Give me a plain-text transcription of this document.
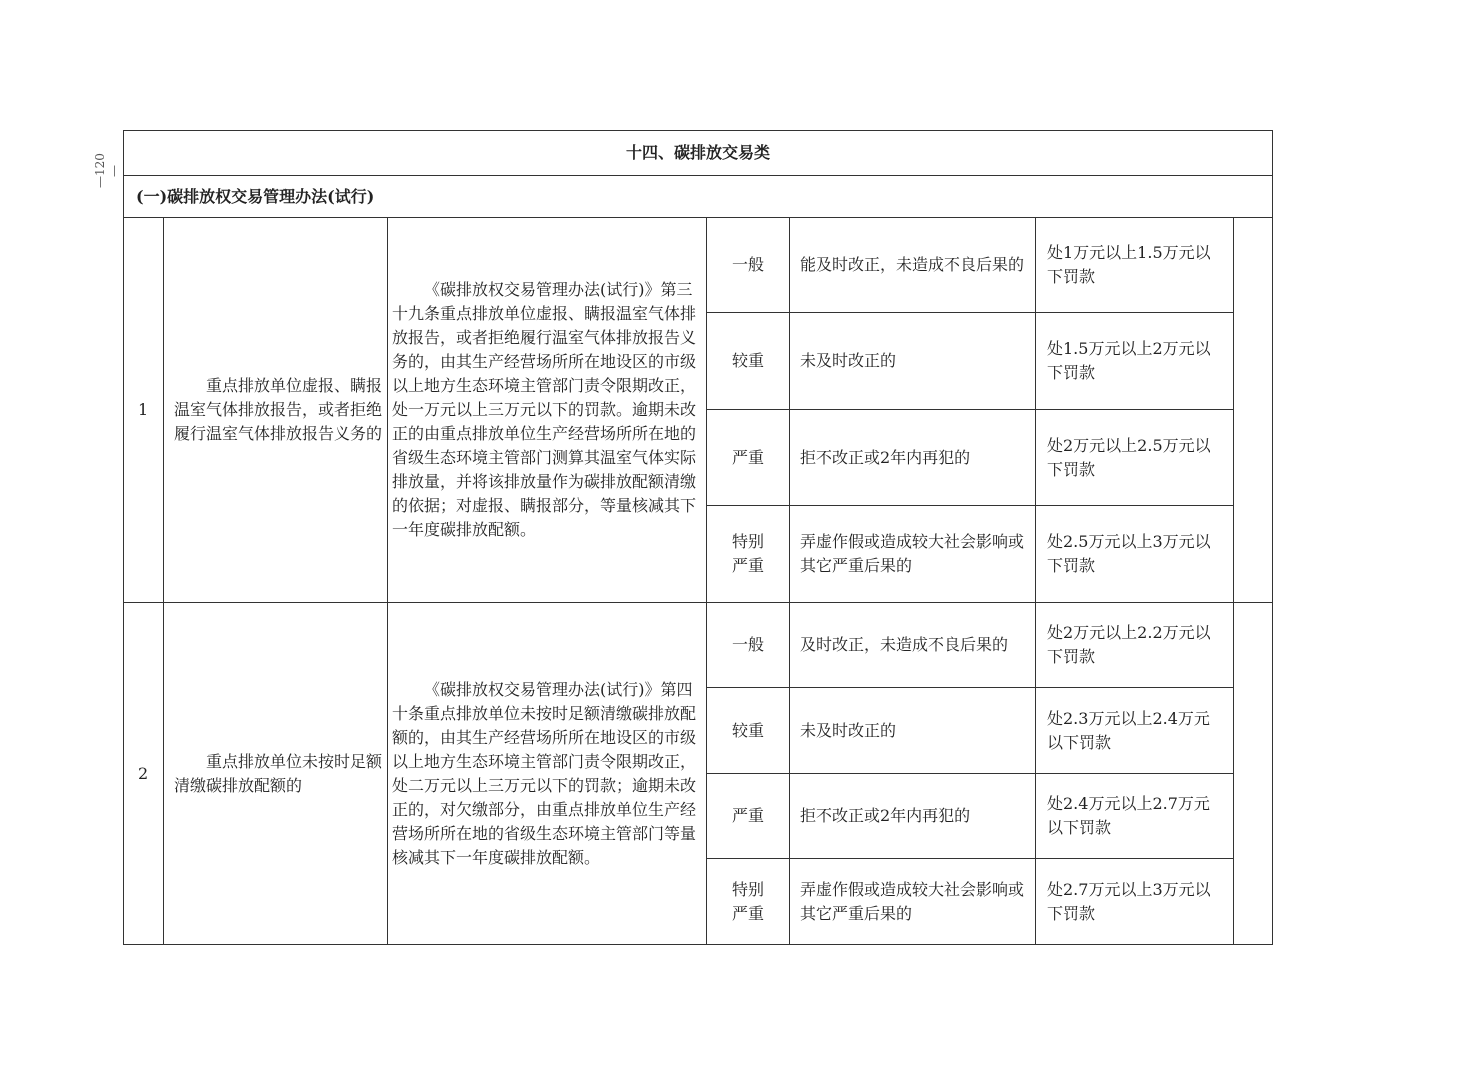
—120—
十四、碳排放交易类						
(一)碳排放权交易管理办法(试行)						
1	重点排放单位虚报、瞒报温室气体排放报告，或者拒绝履行温室气体排放报告义务的	《碳排放权交易管理办法(试行)》第三十九条重点排放单位虚报、瞒报温室气体排放报告，或者拒绝履行温室气体排放报告义务的，由其生产经营场所所在地设区的市级以上地方生态环境主管部门责令限期改正，处一万元以上三万元以下的罚款。逾期未改正的由重点排放单位生产经营场所所在地的省级生态环境主管部门测算其温室气体实际排放量，并将该排放量作为碳排放配额清缴的依据；对虚报、瞒报部分，等量核减其下一年度碳排放配额。	一般	能及时改正，未造成不良后果的	处1万元以上1.5万元以下罚款	
			较重	未及时改正的	处1.5万元以上2万元以下罚款	
			严重	拒不改正或2年内再犯的	处2万元以上2.5万元以下罚款	
			特别严重	弄虚作假或造成较大社会影响或其它严重后果的	处2.5万元以上3万元以下罚款	
2	重点排放单位未按时足额清缴碳排放配额的	《碳排放权交易管理办法(试行)》第四十条重点排放单位未按时足额清缴碳排放配额的，由其生产经营场所所在地设区的市级以上地方生态环境主管部门责令限期改正，处二万元以上三万元以下的罚款；逾期未改正的，对欠缴部分，由重点排放单位生产经营场所所在地的省级生态环境主管部门等量核减其下一年度碳排放配额。	一般	及时改正，未造成不良后果的	处2万元以上2.2万元以下罚款	
			较重	未及时改正的	处2.3万元以上2.4万元以下罚款	
			严重	拒不改正或2年内再犯的	处2.4万元以上2.7万元以下罚款	
			特别严重	弄虚作假或造成较大社会影响或其它严重后果的	处2.7万元以上3万元以下罚款	
